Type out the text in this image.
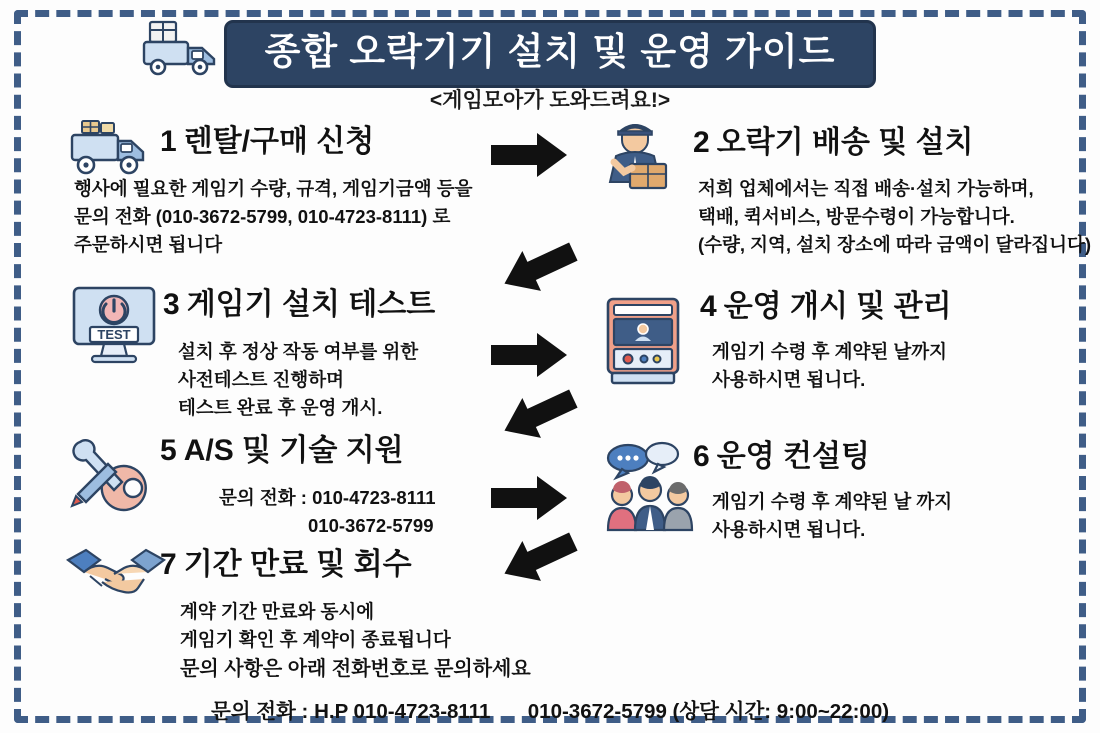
종합 오락기기 설치 및 운영 가이드
<게임모아가 도와드려요!>
1 렌탈/구매 신청
행사에 필요한 게임기 수량, 규격, 게임기금액 등을
문의 전화 (010-3672-5799, 010-4723-8111) 로
주문하시면 됩니다
2 오락기 배송 및 설치
저희 업체에서는 직접 배송·설치 가능하며,
택배, 퀵서비스, 방문수령이 가능합니다.
(수량, 지역, 설치 장소에 따라 금액이 달라집니다)
TEST
3 게임기 설치 테스트
설치 후 정상 작동 여부를 위한
사전테스트 진행하며
테스트 완료 후 운영 개시.
4 운영 개시 및 관리
게임기 수령 후 계약된 날까지
사용하시면 됩니다.
5 A/S 및 기술 지원
문의 전화 : 010-4723-8111
010-3672-5799
6 운영 컨설팅
게임기 수령 후 계약된 날 까지
사용하시면 됩니다.
7 기간 만료 및 회수
계약 기간 만료와 동시에
게임기 확인 후 계약이 종료됩니다
문의 사항은 아래 전화번호로 문의하세요
문의 전화 : H.P 010-4723-8111 010-3672-5799 (상담 시간: 9:00~22:00)
